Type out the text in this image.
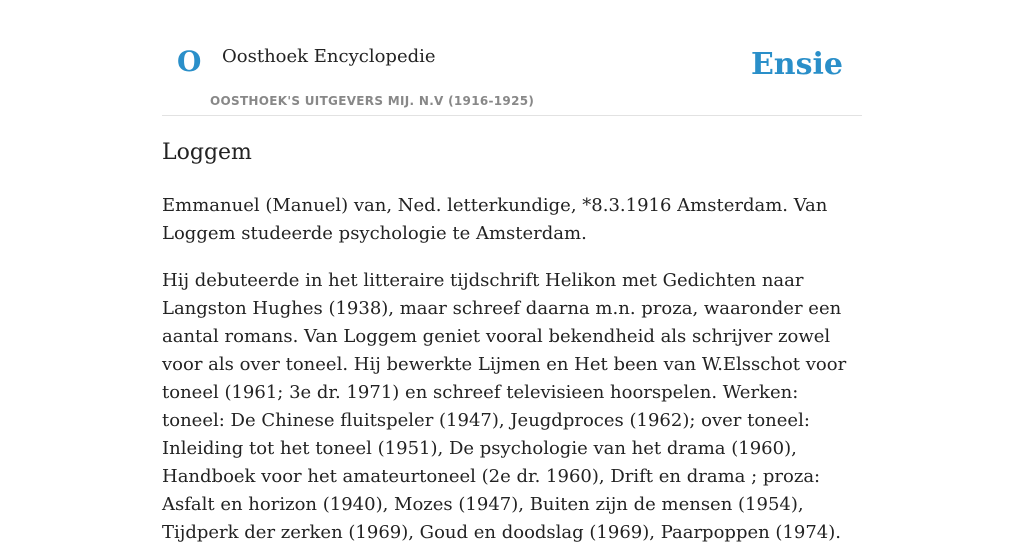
O Oosthoek Encyclopedie
OOSTHOEK'S UITGEVERS MIJ. N.V (1916-1925)
Ensie
Loggem

Emmanuel (Manuel) van, Ned. letterkundige, *8.3.1916 Amsterdam. Van Loggem studeerde psychologie te Amsterdam.

Hij debuteerde in het litteraire tijdschrift Helikon met Gedichten naar Langston Hughes (1938), maar schreef daarna m.n. proza, waaronder een aantal romans. Van Loggem geniet vooral bekendheid als schrijver zowel voor als over toneel. Hij bewerkte Lijmen en Het been van W.Elsschot voor toneel (1961; 3e dr. 1971) en schreef televisieen hoorspelen. Werken: toneel: De Chinese fluitspeler (1947), Jeugdproces (1962); over toneel: Inleiding tot het toneel (1951), De psychologie van het drama (1960), Handboek voor het amateurtoneel (2e dr. 1960), Drift en drama ; proza: Asfalt en horizon (1940), Mozes (1947), Buiten zijn de mensen (1954), Tijdperk der zerken (1969), Goud en doodslag (1969), Paarpoppen (1974).
